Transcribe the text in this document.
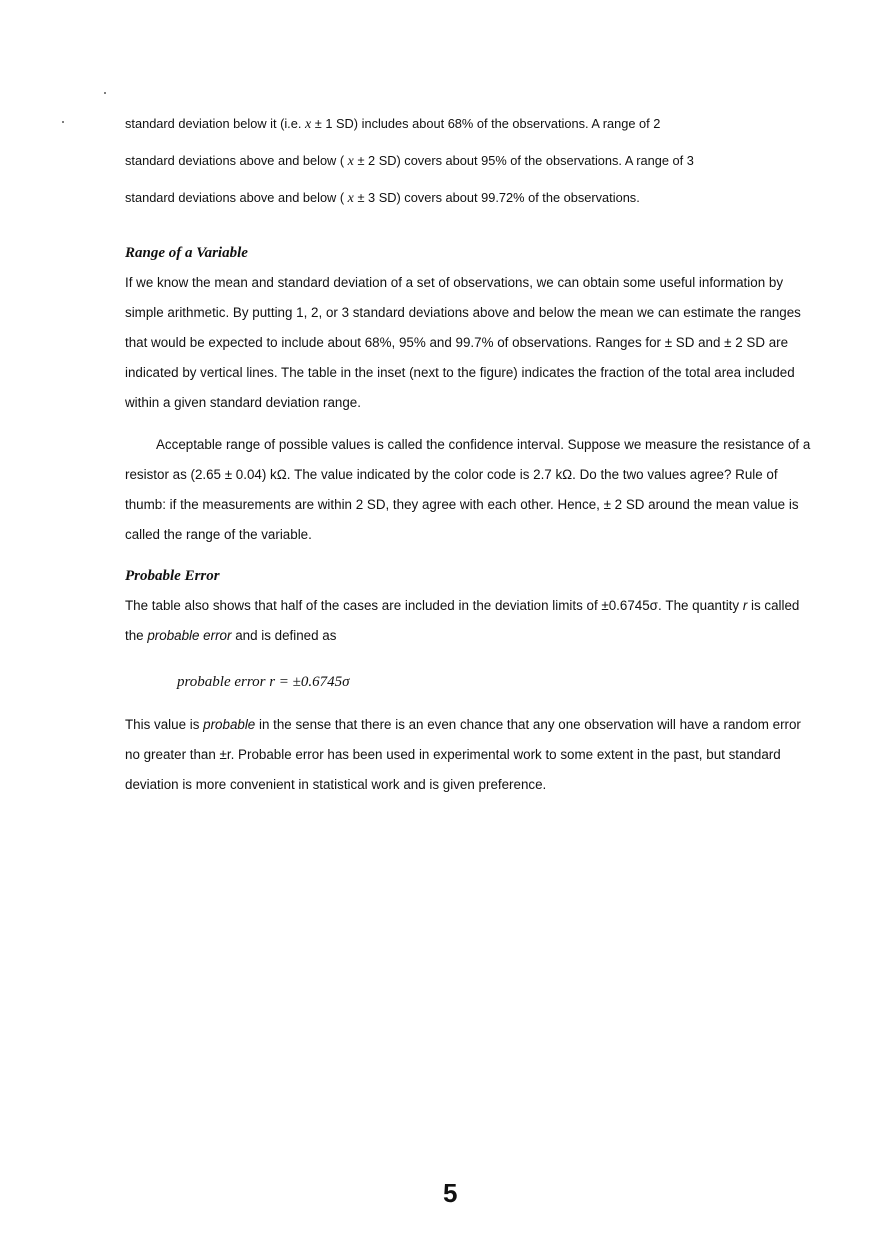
standard deviation below it (i.e. x ± 1 SD) includes about 68% of the observations. A range of 2

standard deviations above and below ( x ± 2 SD) covers about 95% of the observations. A range of 3

standard deviations above and below ( x ± 3 SD) covers about 99.72% of the observations.

Range of a Variable

If we know the mean and standard deviation of a set of observations, we can obtain some useful information by simple arithmetic. By putting 1, 2, or 3 standard deviations above and below the mean we can estimate the ranges that would be expected to include about 68%, 95% and 99.7% of observations. Ranges for ± SD and ± 2 SD are indicated by vertical lines. The table in the inset (next to the figure) indicates the fraction of the total area included within a given standard deviation range.

Acceptable range of possible values is called the confidence interval. Suppose we measure the resistance of a resistor as (2.65 ± 0.04) kΩ. The value indicated by the color code is 2.7 kΩ. Do the two values agree? Rule of thumb: if the measurements are within 2 SD, they agree with each other. Hence, ± 2 SD around the mean value is called the range of the variable.

Probable Error

The table also shows that half of the cases are included in the deviation limits of ±0.6745σ. The quantity r is called the probable error and is defined as

probable error r = ±0.6745σ

This value is probable in the sense that there is an even chance that any one observation will have a random error no greater than ±r. Probable error has been used in experimental work to some extent in the past, but standard deviation is more convenient in statistical work and is given preference.

5
